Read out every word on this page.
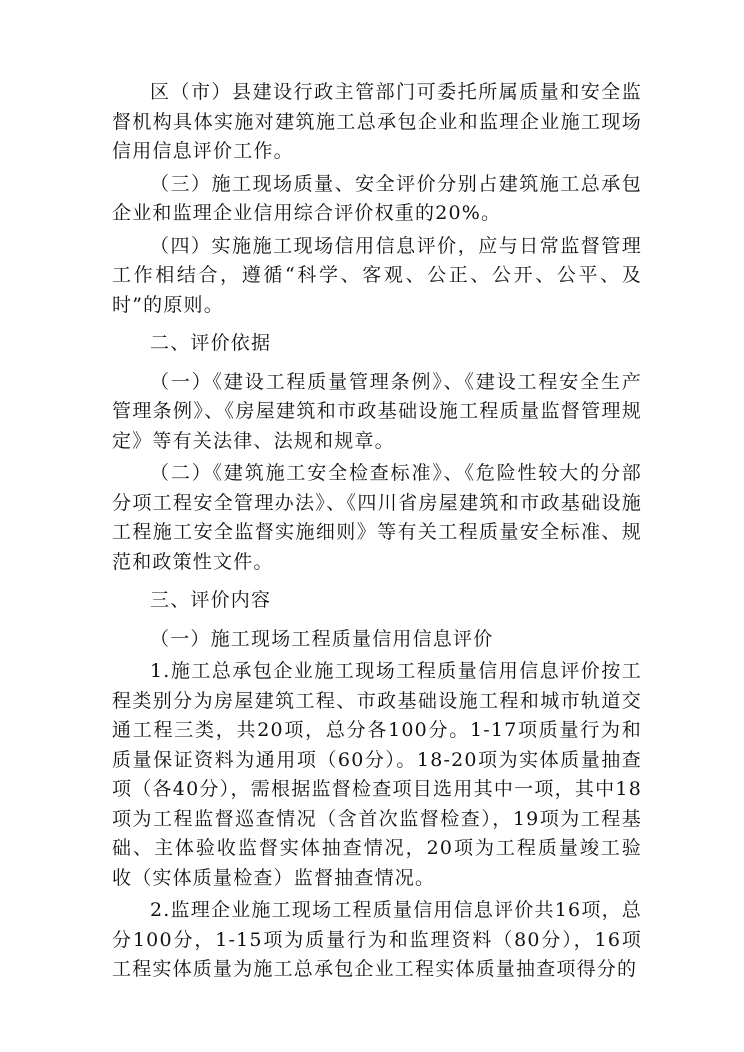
区（市）县建设行政主管部门可委托所属质量和安全监督机构具体实施对建筑施工总承包企业和监理企业施工现场信用信息评价工作。

（三）施工现场质量、安全评价分别占建筑施工总承包企业和监理企业信用综合评价权重的20%。

（四）实施施工现场信用信息评价，应与日常监督管理工作相结合，遵循“科学、客观、公正、公开、公平、及时”的原则。

二、评价依据

（一）《建设工程质量管理条例》、《建设工程安全生产管理条例》、《房屋建筑和市政基础设施工程质量监督管理规定》等有关法律、法规和规章。

（二）《建筑施工安全检查标准》、《危险性较大的分部分项工程安全管理办法》、《四川省房屋建筑和市政基础设施工程施工安全监督实施细则》等有关工程质量安全标准、规范和政策性文件。

三、评价内容

（一）施工现场工程质量信用信息评价

1.施工总承包企业施工现场工程质量信用信息评价按工程类别分为房屋建筑工程、市政基础设施工程和城市轨道交通工程三类，共20项，总分各100分。1-17项质量行为和质量保证资料为通用项（60分）。18-20项为实体质量抽查项（各40分），需根据监督检查项目选用其中一项，其中18项为工程监督巡查情况（含首次监督检查），19项为工程基础、主体验收监督实体抽查情况，20项为工程质量竣工验收（实体质量检查）监督抽查情况。

2.监理企业施工现场工程质量信用信息评价共16项，总分100分，1-15项为质量行为和监理资料（80分），16项工程实体质量为施工总承包企业工程实体质量抽查项得分的
